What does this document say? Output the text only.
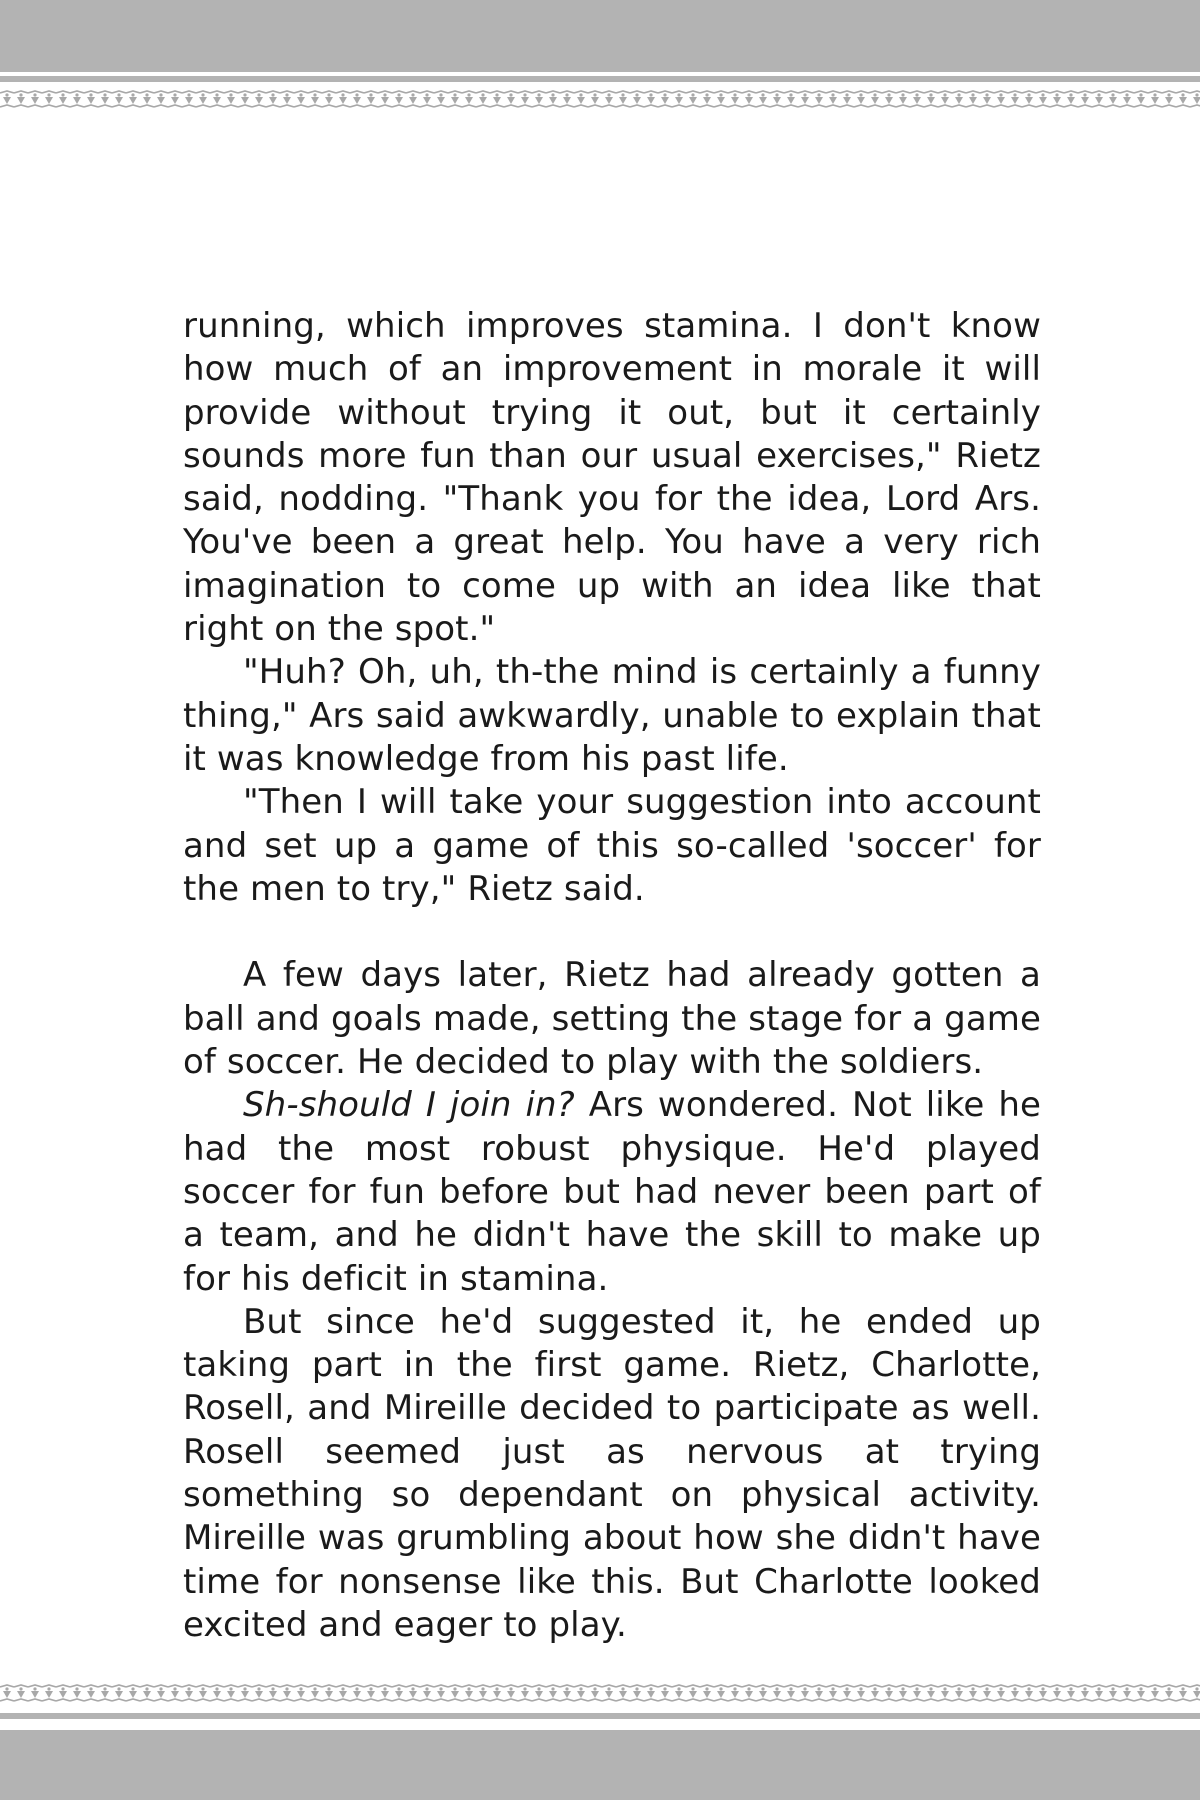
running, which improves stamina. I don't know how much of an improvement in morale it will provide without trying it out, but it certainly sounds more fun than our usual exercises," Rietz said, nodding. "Thank you for the idea, Lord Ars. You've been a great help. You have a very rich imagination to come up with an idea like that right on the spot."

"Huh? Oh, uh, th-the mind is certainly a funny thing," Ars said awkwardly, unable to explain that it was knowledge from his past life.

"Then I will take your suggestion into account and set up a game of this so-called 'soccer' for the men to try," Rietz said.

A few days later, Rietz had already gotten a ball and goals made, setting the stage for a game of soccer. He decided to play with the soldiers.

Sh-should I join in? Ars wondered. Not like he had the most robust physique. He'd played soccer for fun before but had never been part of a team, and he didn't have the skill to make up for his deficit in stamina.

But since he'd suggested it, he ended up taking part in the first game. Rietz, Charlotte, Rosell, and Mireille decided to participate as well. Rosell seemed just as nervous at trying something so dependant on physical activity. Mireille was grumbling about how she didn't have time for nonsense like this. But Charlotte looked excited and eager to play.
